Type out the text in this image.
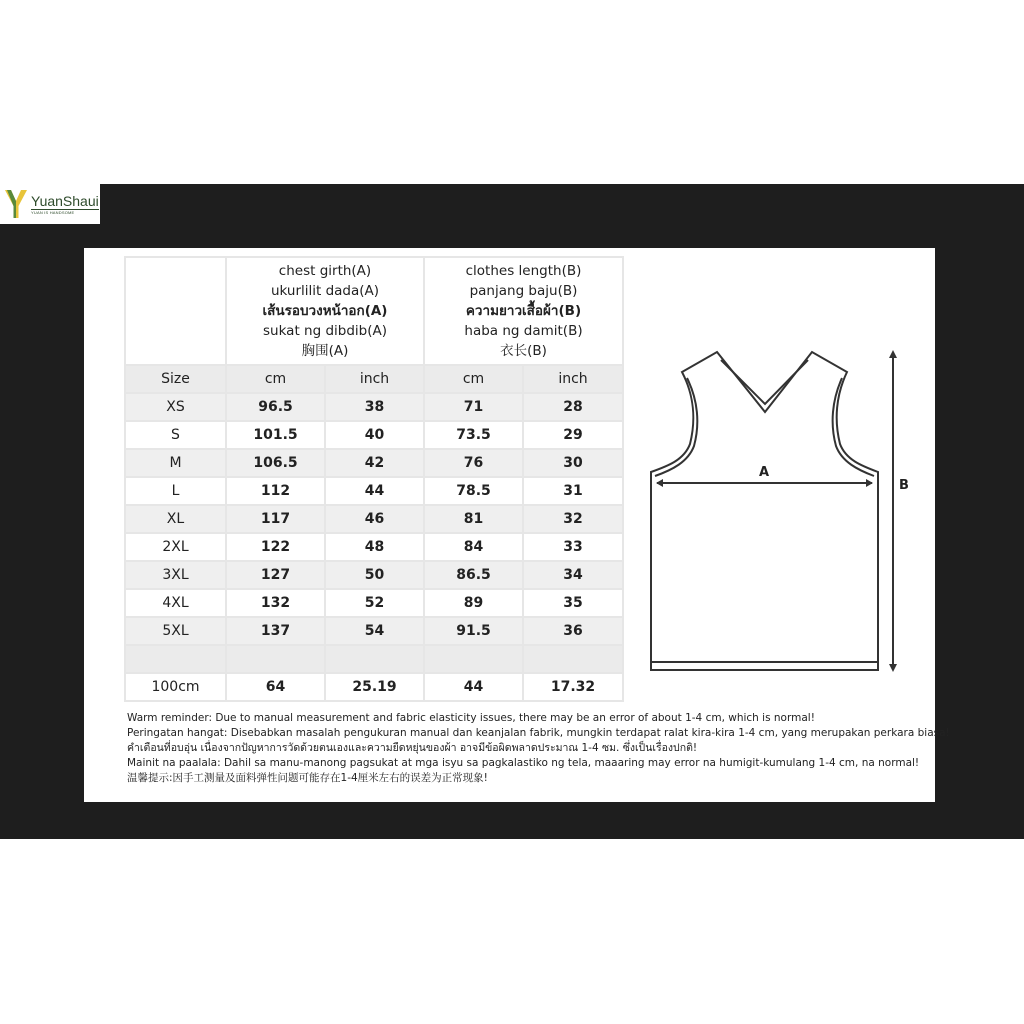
YuanShaui
YUAN IS HANDSOME

	chest girth(A)
ukurlilit dada(A)
เส้นรอบวงหน้าอก(A)
sukat ng dibdib(A)
胸围(A)		clothes length(B)
panjang baju(B)
ความยาวเสื้อผ้า(B)
haba ng damit(B)
衣长(B)	

Size	cm	inch	cm	inch
XS	96.5	38	71	28
S	101.5	40	73.5	29
M	106.5	42	76	30
L	112	44	78.5	31
XL	117	46	81	32
2XL	122	48	84	33
3XL	127	50	86.5	34
4XL	132	52	89	35
5XL	137	54	91.5	36

100cm	64	25.19	44	17.32
A
B
Warm reminder: Due to manual measurement and fabric elasticity issues, there may be an error of about 1-4 cm, which is normal!
Peringatan hangat: Disebabkan masalah pengukuran manual dan keanjalan fabrik, mungkin terdapat ralat kira-kira 1-4 cm, yang merupakan perkara biasa!
คำเตือนที่อบอุ่น เนื่องจากปัญหาการวัดด้วยตนเองและความยืดหยุ่นของผ้า อาจมีข้อผิดพลาดประมาณ 1-4 ซม. ซึ่งเป็นเรื่องปกติ!
Mainit na paalala: Dahil sa manu-manong pagsukat at mga isyu sa pagkalastiko ng tela, maaaring may error na humigit-kumulang 1-4 cm, na normal!
温馨提示:因手工测量及面料弹性问题可能存在1-4厘米左右的误差为正常现象!
